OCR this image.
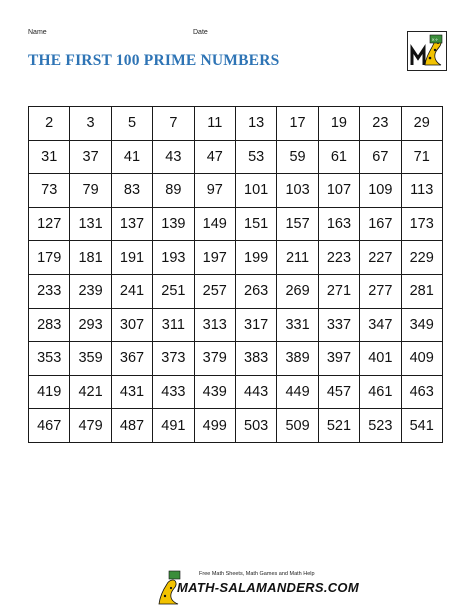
Name	Date
THE FIRST 100 PRIME NUMBERS
×÷
2	3	5	7	11	13	17	19	23	29
31	37	41	43	47	53	59	61	67	71
73	79	83	89	97	101	103	107	109	113
127	131	137	139	149	151	157	163	167	173
179	181	191	193	197	199	211	223	227	229
233	239	241	251	257	263	269	271	277	281
283	293	307	311	313	317	331	337	347	349
353	359	367	373	379	383	389	397	401	409
419	421	431	433	439	443	449	457	461	463
467	479	487	491	499	503	509	521	523	541
Free Math Sheets, Math Games and Math Help
MATH-SALAMANDERS.COM
